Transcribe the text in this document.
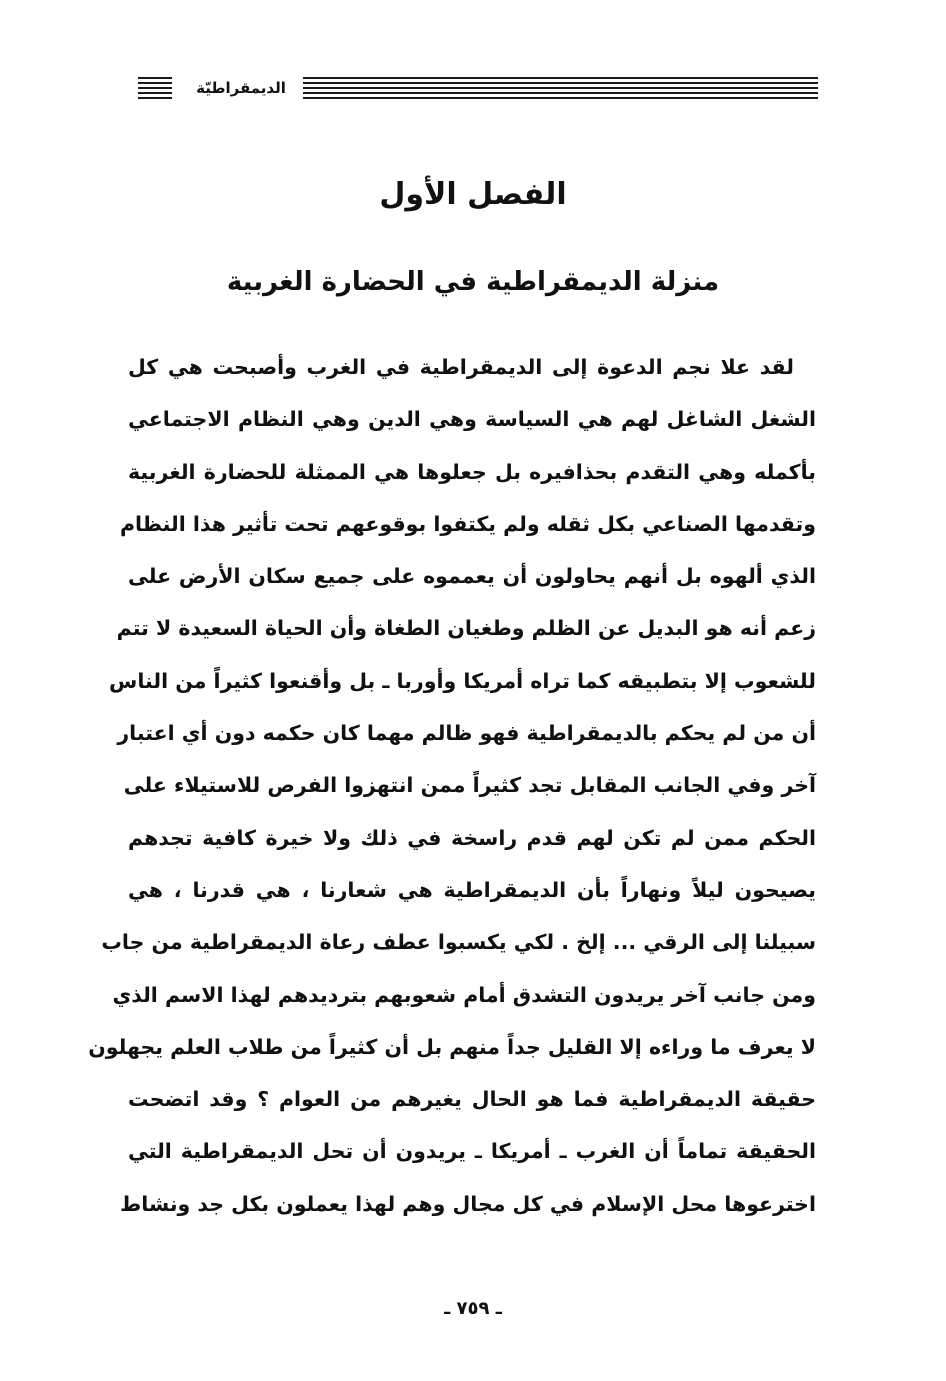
الديمقراطيّة
الفصل الأول
منزلة الديمقراطية في الحضارة الغربية
لقد علا نجم الدعوة إلى الديمقراطية في الغرب وأصبحت هي كل
الشغل الشاغل لهم هي السياسة وهي الدين وهي النظام الاجتماعي
بأكمله وهي التقدم بحذافيره بل جعلوها هي الممثلة للحضارة الغربية
وتقدمها الصناعي بكل ثقله ولم يكتفوا بوقوعهم تحت تأثير هذا النظام
الذي ألهوه بل أنهم يحاولون أن يعمموه على جميع سكان الأرض على
زعم أنه هو البديل عن الظلم وطغيان الطغاة وأن الحياة السعيدة لا تتم
للشعوب إلا بتطبيقه كما تراه أمريكا وأوربا ـ بل وأقنعوا كثيراً من الناس
أن من لم يحكم بالديمقراطية فهو ظالم مهما كان حكمه دون أي اعتبار
آخر وفي الجانب المقابل تجد كثيراً ممن انتهزوا الفرص للاستيلاء على
الحكم ممن لم تكن لهم قدم راسخة في ذلك ولا خيرة كافية تجدهم
يصيحون ليلاً ونهاراً بأن الديمقراطية هي شعارنا ، هي قدرنا ، هي
سبيلنا إلى الرقي ... إلخ . لكي يكسبوا عطف رعاة الديمقراطية من جاب
ومن جانب آخر يريدون التشدق أمام شعوبهم بترديدهم لهذا الاسم الذي
لا يعرف ما وراءه إلا القليل جداً منهم بل أن كثيراً من طلاب العلم يجهلون
حقيقة الديمقراطية فما هو الحال يغيرهم من العوام ؟ وقد اتضحت
الحقيقة تماماً أن الغرب ـ أمريكا ـ يريدون أن تحل الديمقراطية التي
اخترعوها محل الإسلام في كل مجال وهم لهذا يعملون بكل جد ونشاط
ـ ٧٥٩ ـ
